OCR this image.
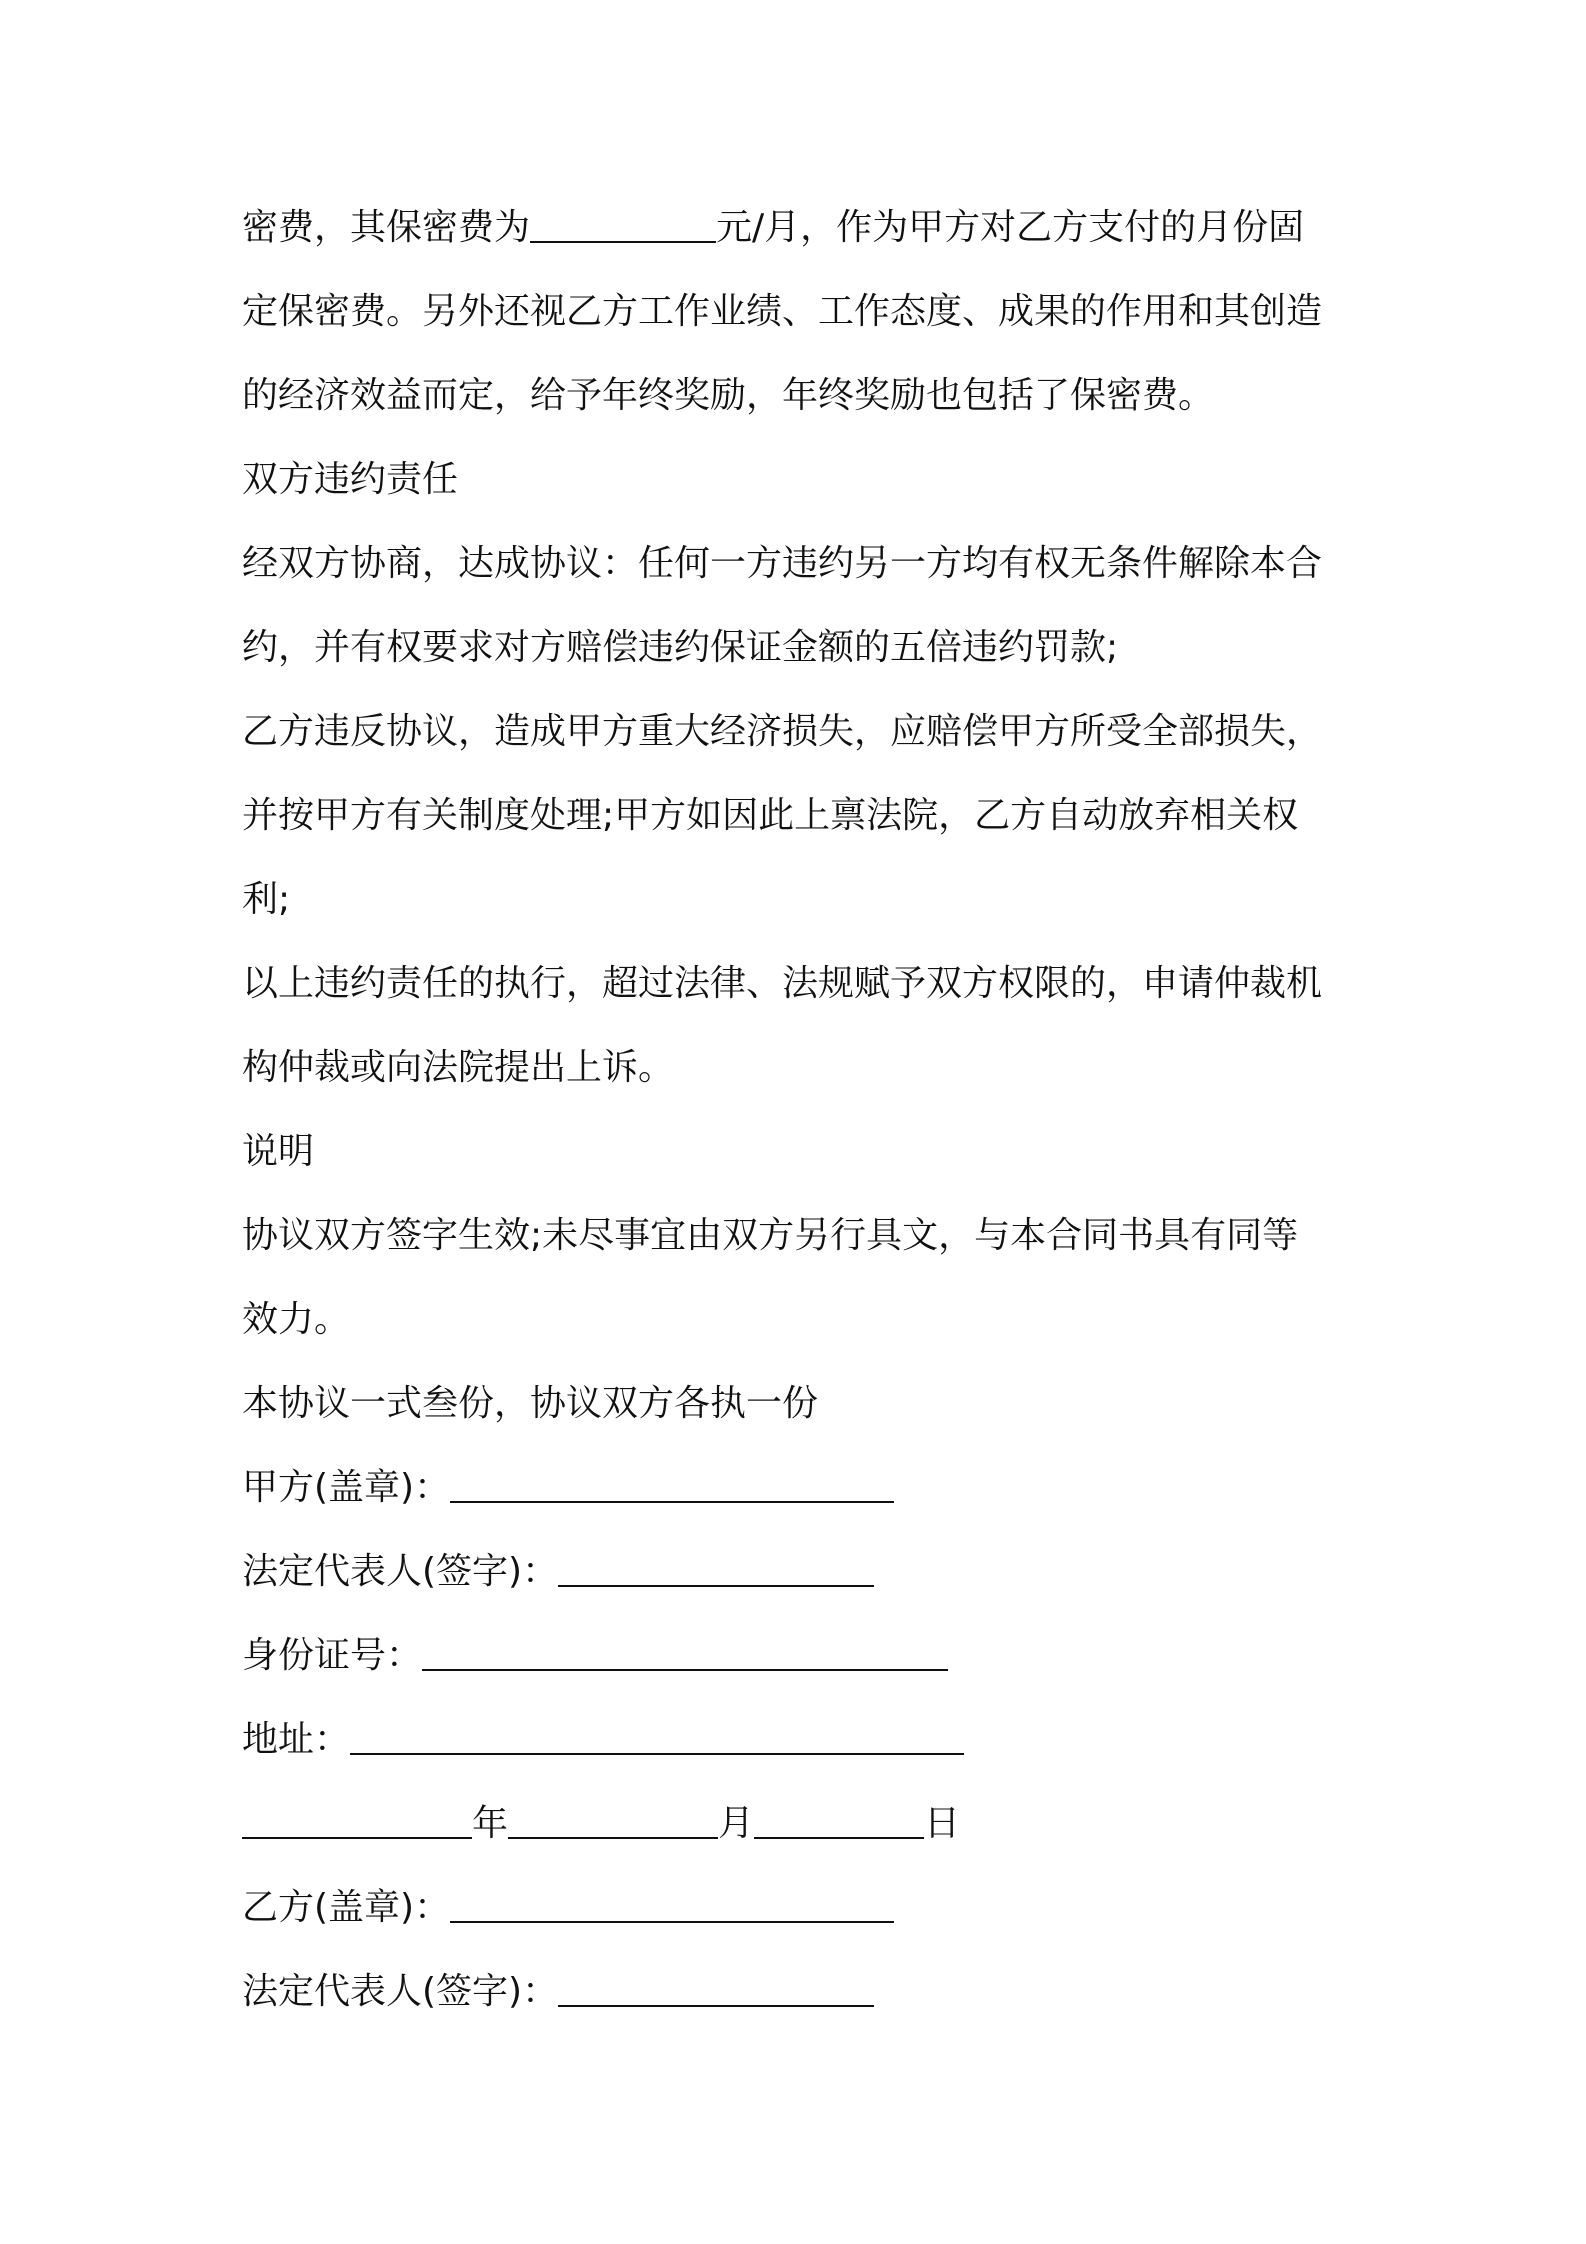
密费，其保密费为	元/月，作为甲方对乙方支付的月份固

定保密费。另外还视乙方工作业绩、工作态度、成果的作用和其创造

的经济效益而定，给予年终奖励，年终奖励也包括了保密费。

双方违约责任

经双方协商，达成协议：任何一方违约另一方均有权无条件解除本合

约，并有权要求对方赔偿违约保证金额的五倍违约罚款;

乙方违反协议，造成甲方重大经济损失，应赔偿甲方所受全部损失，

并按甲方有关制度处理;甲方如因此上禀法院，乙方自动放弃相关权

利;

以上违约责任的执行，超过法律、法规赋予双方权限的，申请仲裁机

构仲裁或向法院提出上诉。

说明

协议双方签字生效;未尽事宜由双方另行具文，与本合同书具有同等

效力。

本协议一式叁份，协议双方各执一份

甲方(盖章)：

法定代表人(签字)：

身份证号：

地址：

年	月	日

乙方(盖章)：

法定代表人(签字)：
